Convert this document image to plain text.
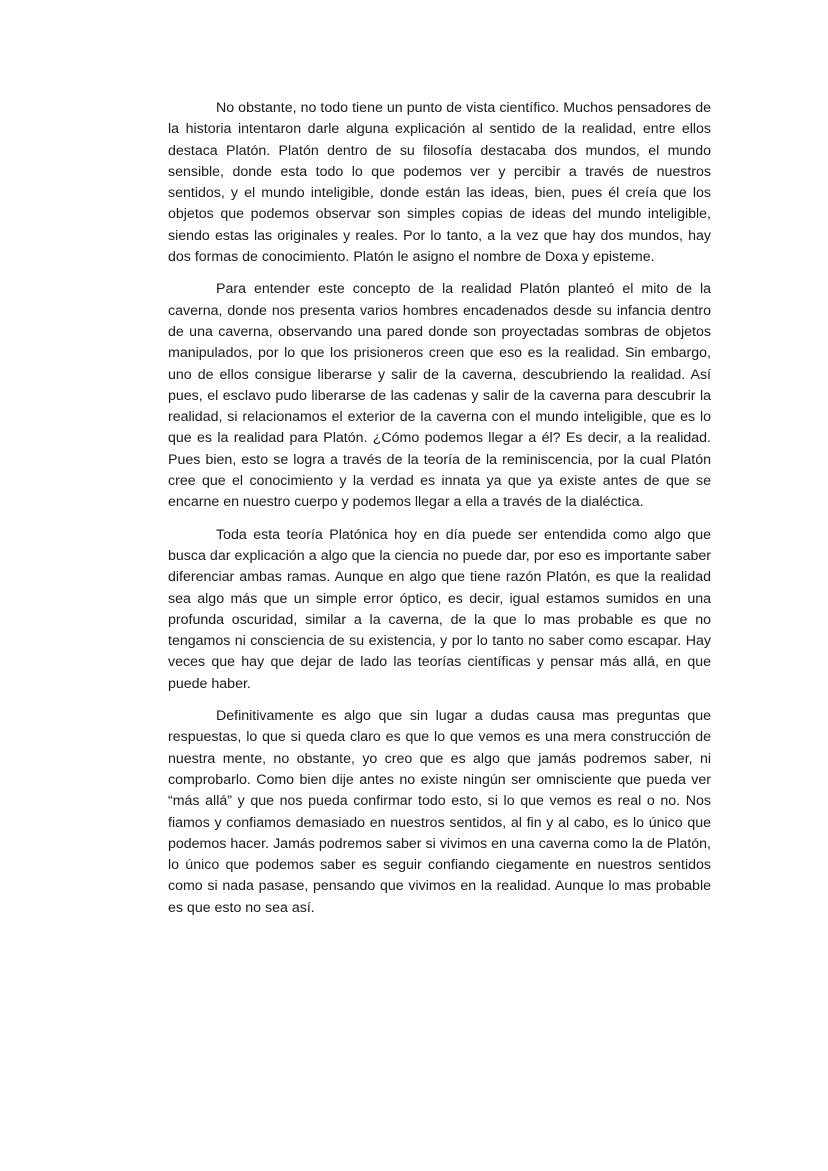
No obstante, no todo tiene un punto de vista científico. Muchos pensadores de la historia intentaron darle alguna explicación al sentido de la realidad, entre ellos destaca Platón. Platón dentro de su filosofía destacaba dos mundos, el mundo sensible, donde esta todo lo que podemos ver y percibir a través de nuestros sentidos, y el mundo inteligible, donde están las ideas, bien, pues él creía que los objetos que podemos observar son simples copias de ideas del mundo inteligible, siendo estas las originales y reales. Por lo tanto, a la vez que hay dos mundos, hay dos formas de conocimiento. Platón le asigno el nombre de Doxa y episteme.

Para entender este concepto de la realidad Platón planteó el mito de la caverna, donde nos presenta varios hombres encadenados desde su infancia dentro de una caverna, observando una pared donde son proyectadas sombras de objetos manipulados, por lo que los prisioneros creen que eso es la realidad. Sin embargo, uno de ellos consigue liberarse y salir de la caverna, descubriendo la realidad. Así pues, el esclavo pudo liberarse de las cadenas y salir de la caverna para descubrir la realidad, si relacionamos el exterior de la caverna con el mundo inteligible, que es lo que es la realidad para Platón. ¿Cómo podemos llegar a él? Es decir, a la realidad. Pues bien, esto se logra a través de la teoría de la reminiscencia, por la cual Platón cree que el conocimiento y la verdad es innata ya que ya existe antes de que se encarne en nuestro cuerpo y podemos llegar a ella a través de la dialéctica.

Toda esta teoría Platónica hoy en día puede ser entendida como algo que busca dar explicación a algo que la ciencia no puede dar, por eso es importante saber diferenciar ambas ramas. Aunque en algo que tiene razón Platón, es que la realidad sea algo más que un simple error óptico, es decir, igual estamos sumidos en una profunda oscuridad, similar a la caverna, de la que lo mas probable es que no tengamos ni consciencia de su existencia, y por lo tanto no saber como escapar. Hay veces que hay que dejar de lado las teorías científicas y pensar más allá, en que puede haber.

Definitivamente es algo que sin lugar a dudas causa mas preguntas que respuestas, lo que si queda claro es que lo que vemos es una mera construcción de nuestra mente, no obstante, yo creo que es algo que jamás podremos saber, ni comprobarlo. Como bien dije antes no existe ningún ser omnisciente que pueda ver “más allá” y que nos pueda confirmar todo esto, si lo que vemos es real o no. Nos fiamos y confiamos demasiado en nuestros sentidos, al fin y al cabo, es lo único que podemos hacer. Jamás podremos saber si vivimos en una caverna como la de Platón, lo único que podemos saber es seguir confiando ciegamente en nuestros sentidos como si nada pasase, pensando que vivimos en la realidad. Aunque lo mas probable es que esto no sea así.
